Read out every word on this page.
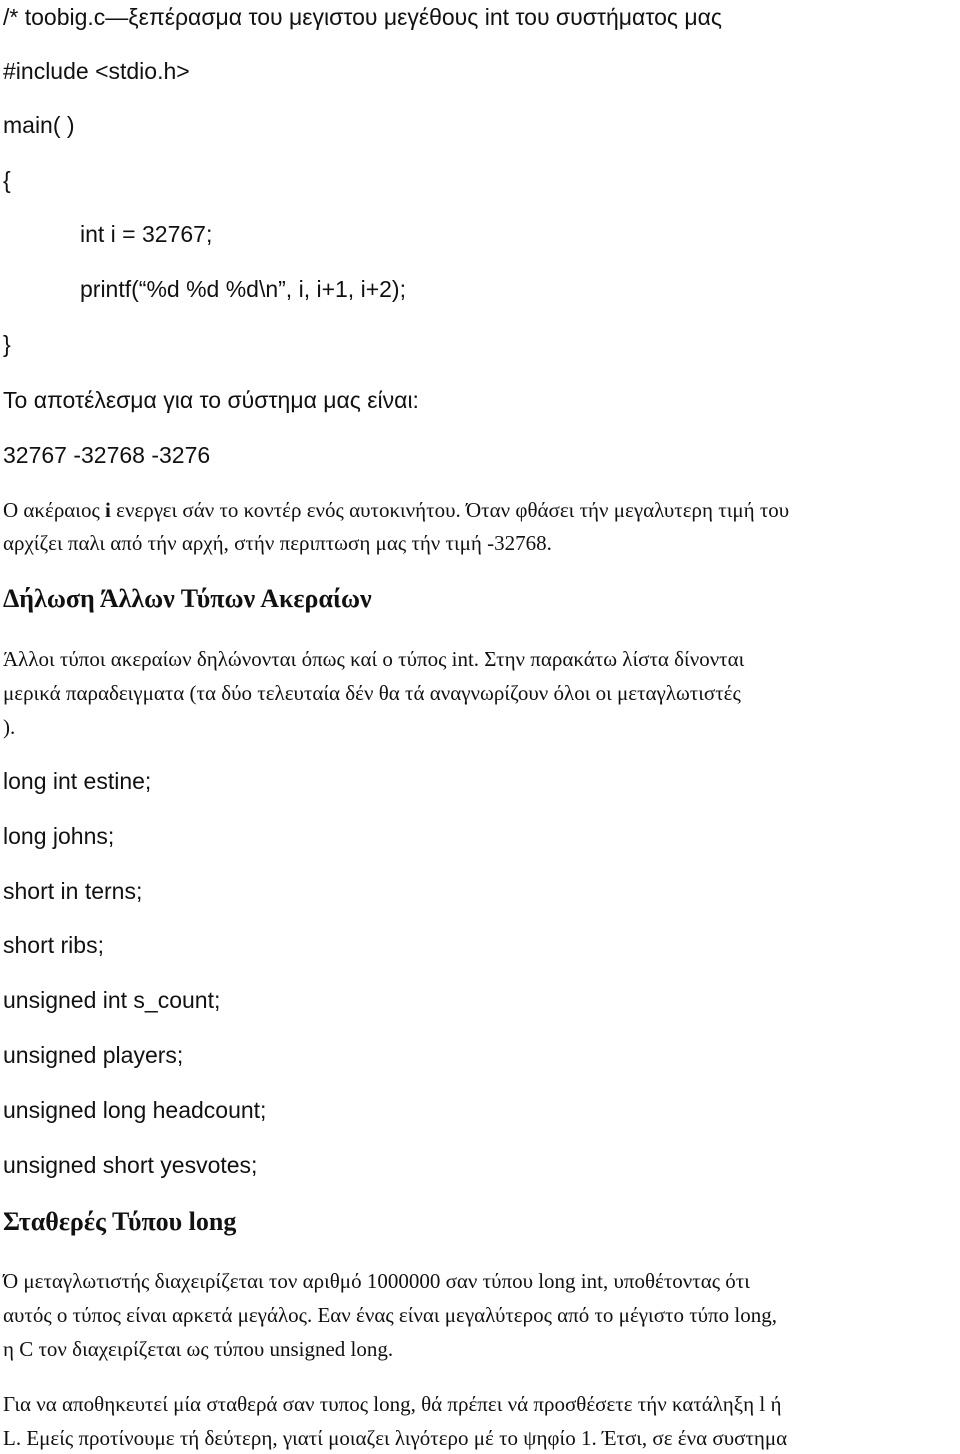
/* toobig.c—ξεπέρασμα του μεγιστου μεγέθους int του συστήματος μας
#include <stdio.h>
main( )
{
int i = 32767;
printf(“%d %d %d\n”, i, i+1, i+2);
}
Το αποτέλεσμα για το σύστημα μας είναι:
32767 -32768 -3276
Ο ακέραιος i ενεργει σάν το κοντέρ ενός αυτοκινήτου. Όταν φθάσει τήν μεγαλυτερη τιμή του
αρχίζει παλι από τήν αρχή, στήν περιπτωση μας τήν τιμή -32768.
Δήλωση Άλλων Τύπων Ακεραίων
Άλλοι τύποι ακεραίων δηλώνονται όπως καί ο τύπος int. Στην παρακάτω λίστα δίνονται
μερικά παραδειγματα (τα δύο τελευταία δέν θα τά αναγνωρίζουν όλοι οι μεταγλωτιστές
).
long int estine;
long johns;
short in terns;
short ribs;
unsigned int s_count;
unsigned players;
unsigned long headcount;
unsigned short yesvotes;
Σταθερές Τύπου long
Ό μεταγλωτιστής διαχειρίζεται τον αριθμό 1000000 σαν τύπου long int, υποθέτοντας ότι
αυτός ο τύπος είναι αρκετά μεγάλος. Εαν ένας είναι μεγαλύτερος από το μέγιστο τύπο long,
η C τον διαχειρίζεται ως τύπου unsigned long.
Για να αποθηκευτεί μία σταθερά σαν τυπος long, θά πρέπει νά προσθέσετε τήν κατάληξη l ή
L. Εμείς προτίνουμε τή δεύτερη, γιατί μοιαζει λιγότερο μέ το ψηφίο 1. Έτσι, σε ένα συστημα
